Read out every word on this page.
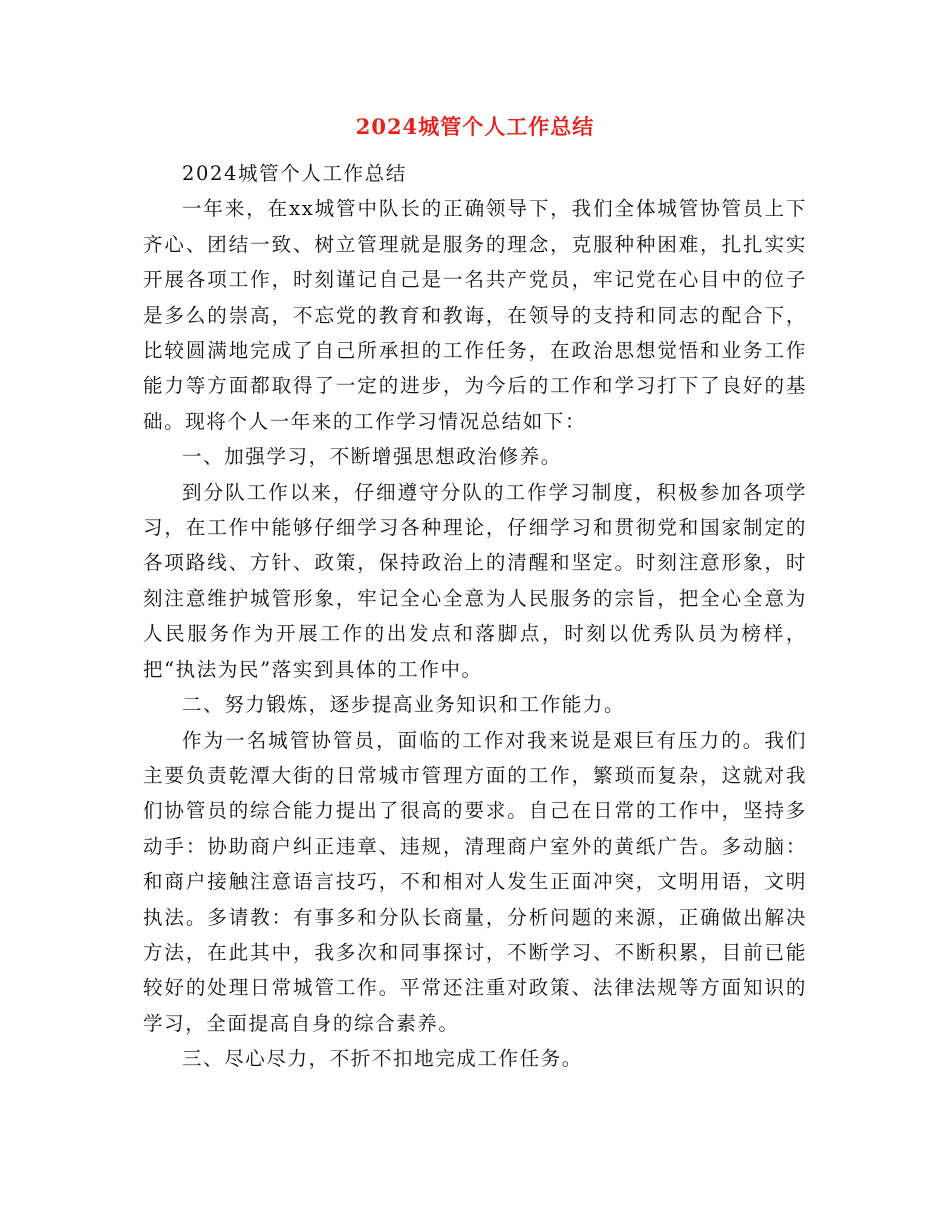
2024城管个人工作总结

2024城管个人工作总结

一年来，在xx城管中队长的正确领导下，我们全体城管协管员上下齐心、团结一致、树立管理就是服务的理念，克服种种困难，扎扎实实开展各项工作，时刻谨记自己是一名共产党员，牢记党在心目中的位子是多么的崇高，不忘党的教育和教诲，在领导的支持和同志的配合下，比较圆满地完成了自己所承担的工作任务，在政治思想觉悟和业务工作能力等方面都取得了一定的进步，为今后的工作和学习打下了良好的基础。现将个人一年来的工作学习情况总结如下：

一、加强学习，不断增强思想政治修养。

到分队工作以来，仔细遵守分队的工作学习制度，积极参加各项学习，在工作中能够仔细学习各种理论，仔细学习和贯彻党和国家制定的各项路线、方针、政策，保持政治上的清醒和坚定。时刻注意形象，时刻注意维护城管形象，牢记全心全意为人民服务的宗旨，把全心全意为人民服务作为开展工作的出发点和落脚点，时刻以优秀队员为榜样，把“执法为民”落实到具体的工作中。

二、努力锻炼，逐步提高业务知识和工作能力。

作为一名城管协管员，面临的工作对我来说是艰巨有压力的。我们主要负责乾潭大街的日常城市管理方面的工作，繁琐而复杂，这就对我们协管员的综合能力提出了很高的要求。自己在日常的工作中，坚持多动手：协助商户纠正违章、违规，清理商户室外的黄纸广告。多动脑：和商户接触注意语言技巧，不和相对人发生正面冲突，文明用语，文明执法。多请教：有事多和分队长商量，分析问题的来源，正确做出解决方法，在此其中，我多次和同事探讨，不断学习、不断积累，目前已能较好的处理日常城管工作。平常还注重对政策、法律法规等方面知识的学习，全面提高自身的综合素养。

三、尽心尽力，不折不扣地完成工作任务。
